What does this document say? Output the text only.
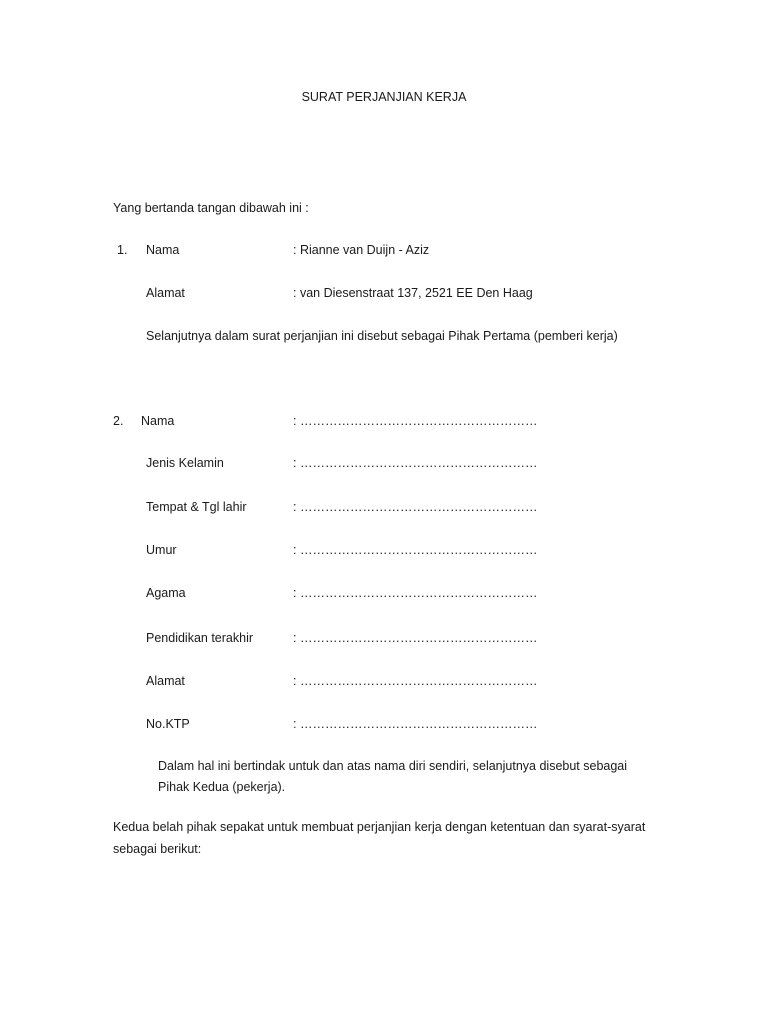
SURAT PERJANJIAN KERJA
Yang bertanda tangan dibawah ini :
1. Nama	: Rianne van Duijn - Aziz
Alamat	: van Diesenstraat 137, 2521 EE Den Haag
Selanjutnya dalam surat perjanjian ini disebut sebagai Pihak Pertama (pemberi kerja)
2. Nama	: …………………………………………………
Jenis Kelamin	: …………………………………………………
Tempat & Tgl lahir	: …………………………………………………
Umur	: …………………………………………………
Agama	: …………………………………………………
Pendidikan terakhir	: …………………………………………………
Alamat	: …………………………………………………
No.KTP	: …………………………………………………
Dalam hal ini bertindak untuk dan atas nama diri sendiri, selanjutnya disebut sebagai
Pihak Kedua (pekerja).
Kedua belah pihak sepakat untuk membuat perjanjian kerja dengan ketentuan dan syarat-syarat
sebagai berikut:
